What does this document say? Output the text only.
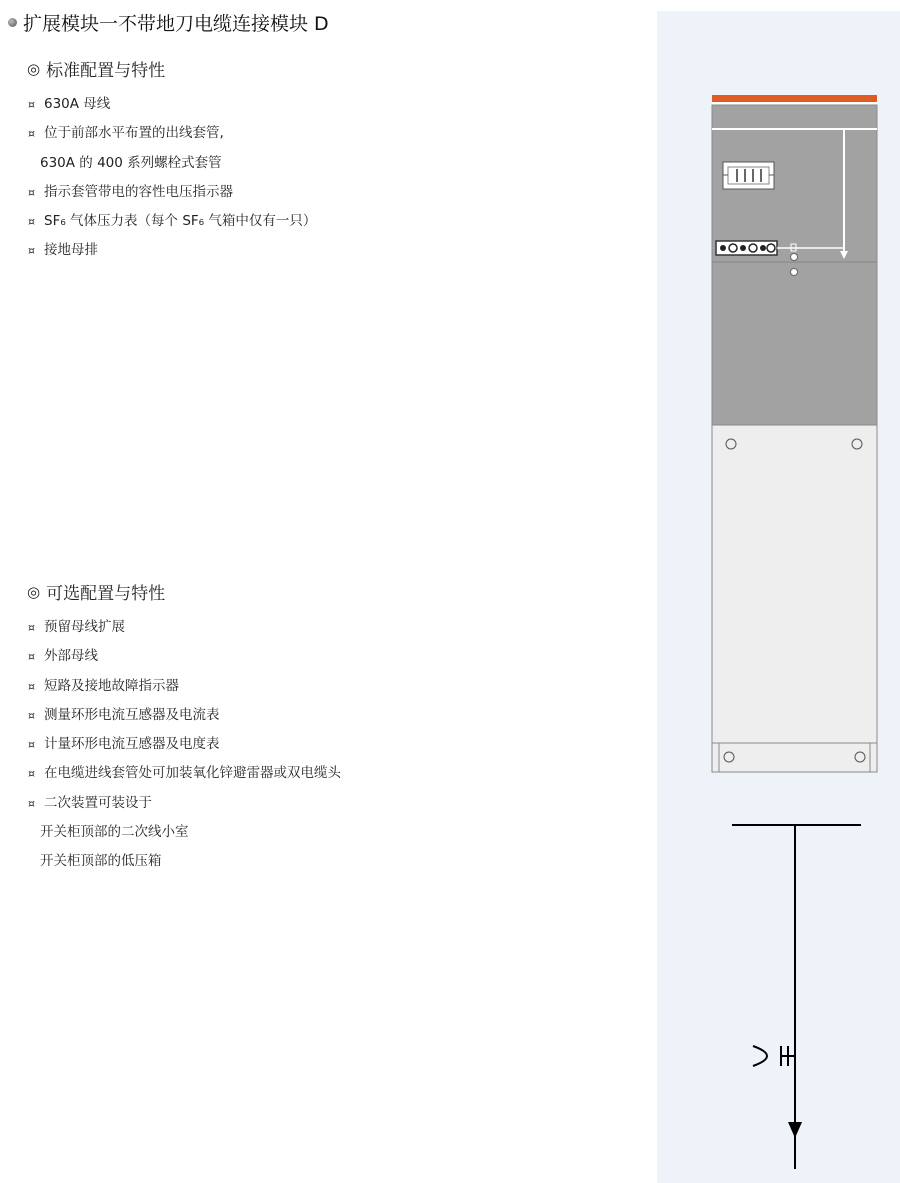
扩展模块一不带地刀电缆连接模块 D
◎ 标准配置与特性
¤ 630A 母线
¤ 位于前部水平布置的出线套管,
630A 的 400 系列螺栓式套管
¤ 指示套管带电的容性电压指示器
¤ SF₆ 气体压力表（每个 SF₆ 气箱中仅有一只）
¤ 接地母排
◎ 可选配置与特性
¤ 预留母线扩展
¤ 外部母线
¤ 短路及接地故障指示器
¤ 测量环形电流互感器及电流表
¤ 计量环形电流互感器及电度表
¤ 在电缆进线套管处可加装氧化锌避雷器或双电缆头
¤ 二次装置可装设于
开关柜顶部的二次线小室
开关柜顶部的低压箱
